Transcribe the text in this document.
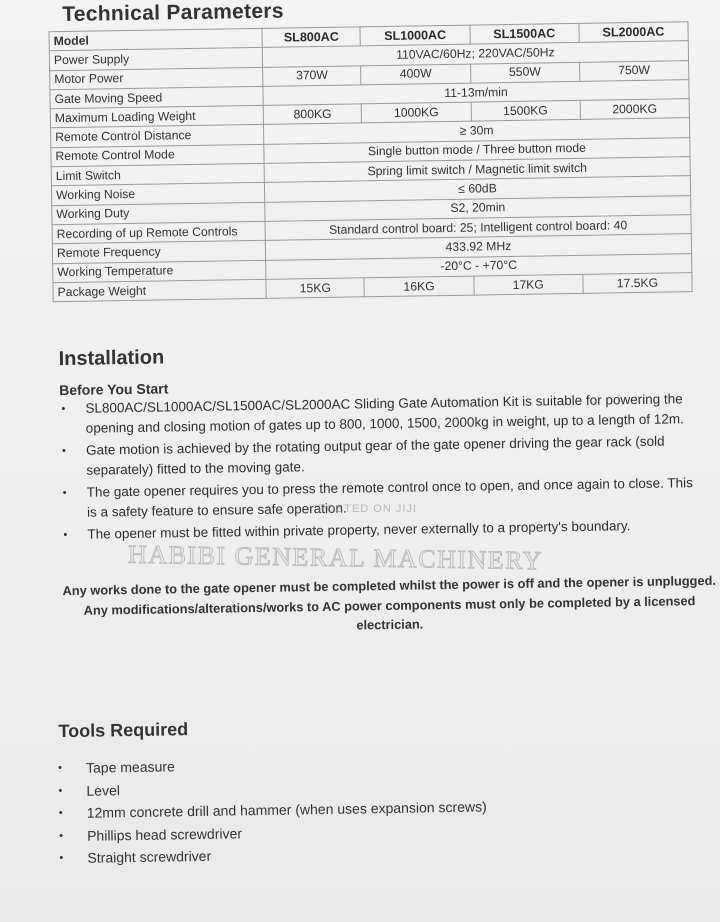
Technical Parameters
Model	SL800AC	SL1000AC	SL1500AC	SL2000AC
Power Supply	110VAC/60Hz; 220VAC/50Hz			
Motor Power	370W	400W	550W	750W
Gate Moving Speed	11-13m/min			
Maximum Loading Weight	800KG	1000KG	1500KG	2000KG
Remote Control Distance	≥ 30m			
Remote Control Mode	Single button mode / Three button mode			
Limit Switch	Spring limit switch / Magnetic limit switch			
Working Noise	≤ 60dB			
Working Duty	S2, 20min			
Recording of up Remote Controls	Standard control board: 25; Intelligent control board: 40			
Remote Frequency	433.92 MHz			
Working Temperature	-20°C - +70°C			
Package Weight	15KG	16KG	17KG	17.5KG
Installation
Before You Start
• SL800AC/SL1000AC/SL1500AC/SL2000AC Sliding Gate Automation Kit is suitable for powering the opening and closing motion of gates up to 800, 1000, 1500, 2000kg in weight, up to a length of 12m.
• Gate motion is achieved by the rotating output gear of the gate opener driving the gear rack (sold separately) fitted to the moving gate.
• The gate opener requires you to press the remote control once to open, and once again to close. This is a safety feature to ensure safe operation.
• The opener must be fitted within private property, never externally to a property's boundary.
Any works done to the gate opener must be completed whilst the power is off and the opener is unplugged. Any modifications/alterations/works to AC power components must only be completed by a licensed electrician.
Tools Required
• Tape measure
• Level
• 12mm concrete drill and hammer (when uses expansion screws)
• Phillips head screwdriver
• Straight screwdriver
POSTED ON JIJI
HABIBI GENERAL MACHINERY
